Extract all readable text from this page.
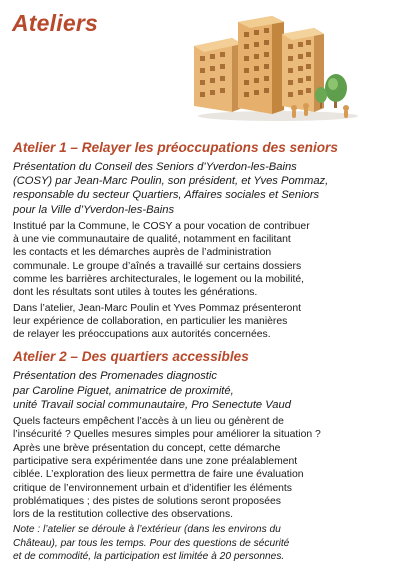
Ateliers
Atelier 1 – Relayer les préoccupations des seniors
Présentation du Conseil des Seniors d’Yverdon-les-Bains
(COSY) par Jean-Marc Poulin, son président, et Yves Pommaz,
responsable du secteur Quartiers, Affaires sociales et Seniors
pour la Ville d’Yverdon-les-Bains
Institué par la Commune, le COSY a pour vocation de contribuer
à une vie communautaire de qualité, notamment en facilitant
les contacts et les démarches auprès de l’administration
communale. Le groupe d’aînés a travaillé sur certains dossiers
comme les barrières architecturales, le logement ou la mobilité,
dont les résultats sont utiles à toutes les générations.
Dans l’atelier, Jean-Marc Poulin et Yves Pommaz présenteront
leur expérience de collaboration, en particulier les manières
de relayer les préoccupations aux autorités concernées.
Atelier 2 – Des quartiers accessibles
Présentation des Promenades diagnostic
par Caroline Piguet, animatrice de proximité,
unité Travail social communautaire, Pro Senectute Vaud
Quels facteurs empêchent l’accès à un lieu ou génèrent de
l’insécurité ? Quelles mesures simples pour améliorer la situation ?
Après une brève présentation du concept, cette démarche
participative sera expérimentée dans une zone préalablement
ciblée. L’exploration des lieux permettra de faire une évaluation
critique de l’environnement urbain et d’identifier les éléments
problématiques ; des pistes de solutions seront proposées
lors de la restitution collective des observations.
Note : l’atelier se déroule à l’extérieur (dans les environs du
Château), par tous les temps. Pour des questions de sécurité
et de commodité, la participation est limitée à 20 personnes.
